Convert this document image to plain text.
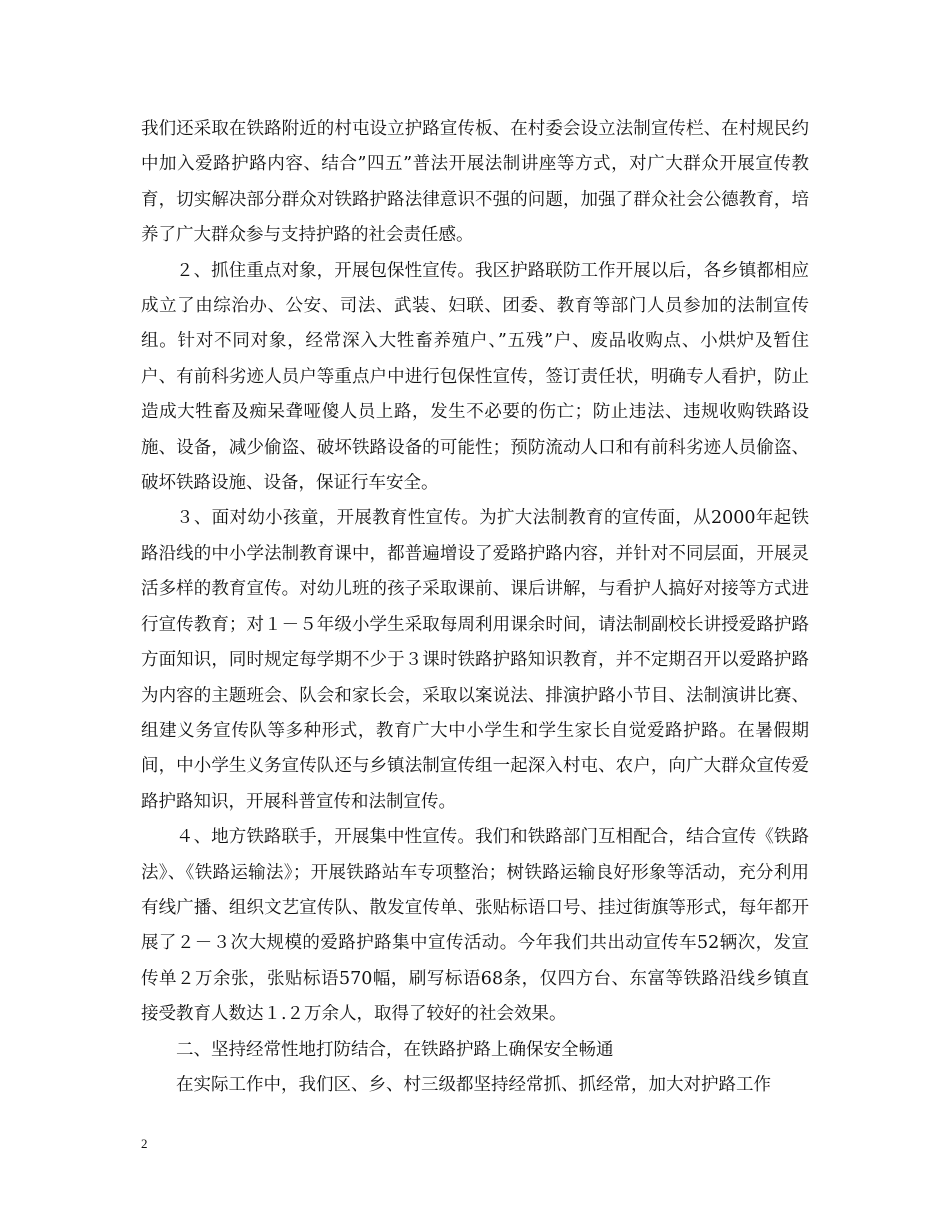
我们还采取在铁路附近的村屯设立护路宣传板、在村委会设立法制宣传栏、在村规民约中加入爱路护路内容、结合”四五”普法开展法制讲座等方式，对广大群众开展宣传教育，切实解决部分群众对铁路护路法律意识不强的问题，加强了群众社会公德教育，培养了广大群众参与支持护路的社会责任感。

２、抓住重点对象，开展包保性宣传。我区护路联防工作开展以后，各乡镇都相应成立了由综治办、公安、司法、武装、妇联、团委、教育等部门人员参加的法制宣传组。针对不同对象，经常深入大牲畜养殖户、”五残”户、废品收购点、小烘炉及暂住户、有前科劣迹人员户等重点户中进行包保性宣传，签订责任状，明确专人看护，防止造成大牲畜及痴呆聋哑傻人员上路，发生不必要的伤亡；防止违法、违规收购铁路设施、设备，减少偷盗、破坏铁路设备的可能性；预防流动人口和有前科劣迹人员偷盗、破坏铁路设施、设备，保证行车安全。

３、面对幼小孩童，开展教育性宣传。为扩大法制教育的宣传面，从2000年起铁路沿线的中小学法制教育课中，都普遍增设了爱路护路内容，并针对不同层面，开展灵活多样的教育宣传。对幼儿班的孩子采取课前、课后讲解，与看护人搞好对接等方式进行宣传教育；对１－５年级小学生采取每周利用课余时间，请法制副校长讲授爱路护路方面知识，同时规定每学期不少于３课时铁路护路知识教育，并不定期召开以爱路护路为内容的主题班会、队会和家长会，采取以案说法、排演护路小节目、法制演讲比赛、组建义务宣传队等多种形式，教育广大中小学生和学生家长自觉爱路护路。在暑假期间，中小学生义务宣传队还与乡镇法制宣传组一起深入村屯、农户，向广大群众宣传爱路护路知识，开展科普宣传和法制宣传。

４、地方铁路联手，开展集中性宣传。我们和铁路部门互相配合，结合宣传《铁路法》、《铁路运输法》；开展铁路站车专项整治；树铁路运输良好形象等活动，充分利用有线广播、组织文艺宣传队、散发宣传单、张贴标语口号、挂过街旗等形式，每年都开展了２－３次大规模的爱路护路集中宣传活动。今年我们共出动宣传车52辆次，发宣传单２万余张，张贴标语570幅，刷写标语68条，仅四方台、东富等铁路沿线乡镇直接受教育人数达１.２万余人，取得了较好的社会效果。

二、坚持经常性地打防结合，在铁路护路上确保安全畅通

在实际工作中，我们区、乡、村三级都坚持经常抓、抓经常，加大对护路工作

2
